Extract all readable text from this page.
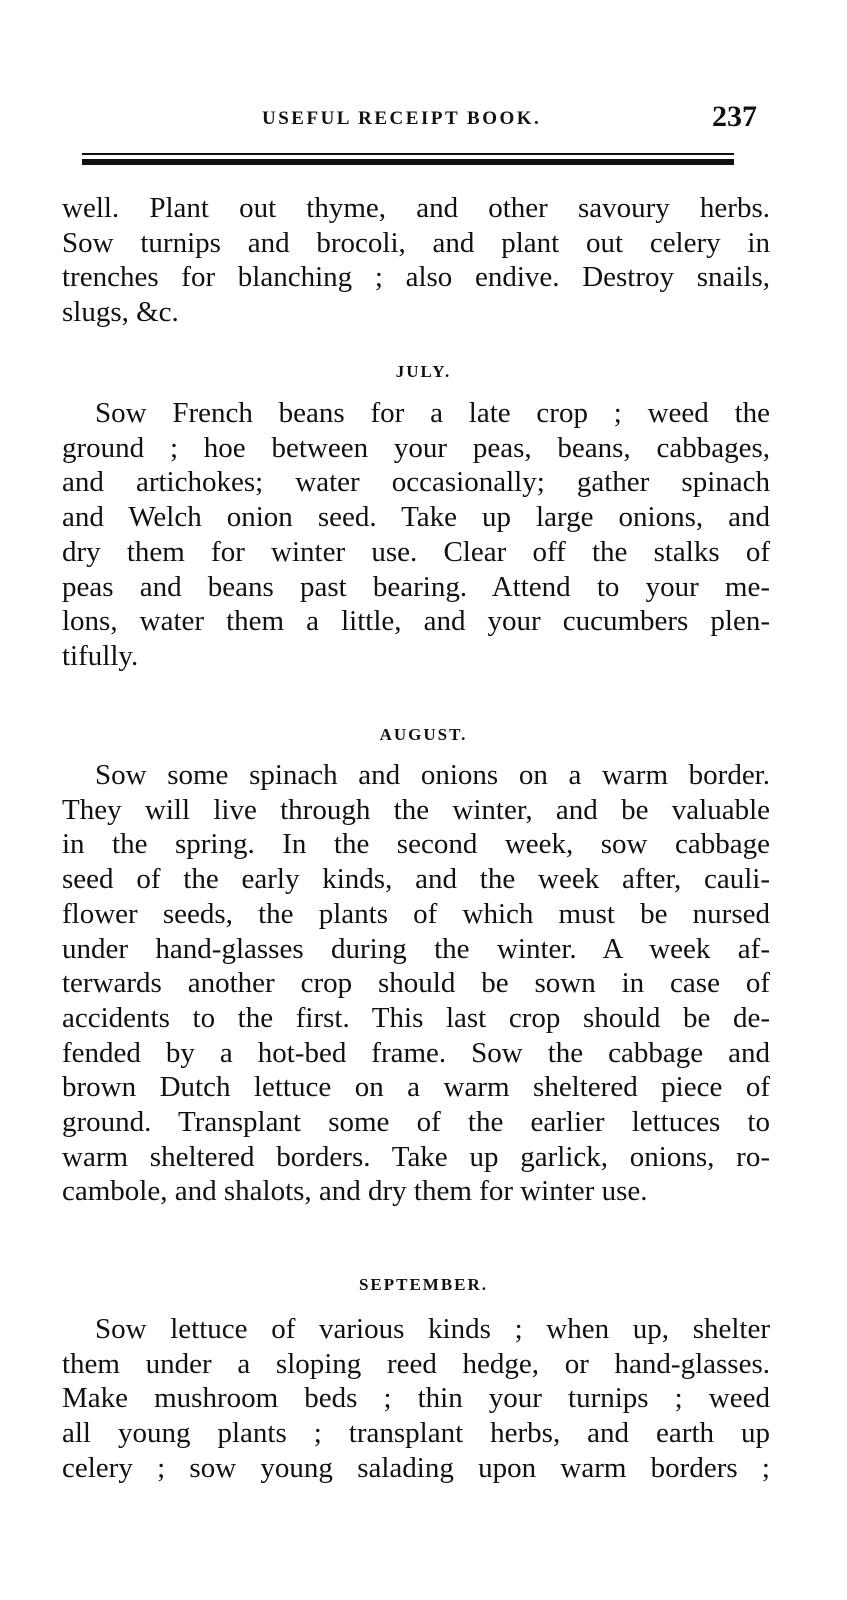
USEFUL RECEIPT BOOK.	237

well. Plant out thyme, and other savoury herbs.
Sow turnips and brocoli, and plant out celery in
trenches for blanching ; also endive. Destroy snails,
slugs, &c.

JULY.

Sow French beans for a late crop ; weed the
ground ; hoe between your peas, beans, cabbages,
and artichokes; water occasionally; gather spinach
and Welch onion seed. Take up large onions, and
dry them for winter use. Clear off the stalks of
peas and beans past bearing. Attend to your me-
lons, water them a little, and your cucumbers plen-
tifully.

AUGUST.

Sow some spinach and onions on a warm border.
They will live through the winter, and be valuable
in the spring. In the second week, sow cabbage
seed of the early kinds, and the week after, cauli-
flower seeds, the plants of which must be nursed
under hand-glasses during the winter. A week af-
terwards another crop should be sown in case of
accidents to the first. This last crop should be de-
fended by a hot-bed frame. Sow the cabbage and
brown Dutch lettuce on a warm sheltered piece of
ground. Transplant some of the earlier lettuces to
warm sheltered borders. Take up garlick, onions, ro-
cambole, and shalots, and dry them for winter use.

SEPTEMBER.

Sow lettuce of various kinds ; when up, shelter
them under a sloping reed hedge, or hand-glasses.
Make mushroom beds ; thin your turnips ; weed
all young plants ; transplant herbs, and earth up
celery ; sow young salading upon warm borders ;
